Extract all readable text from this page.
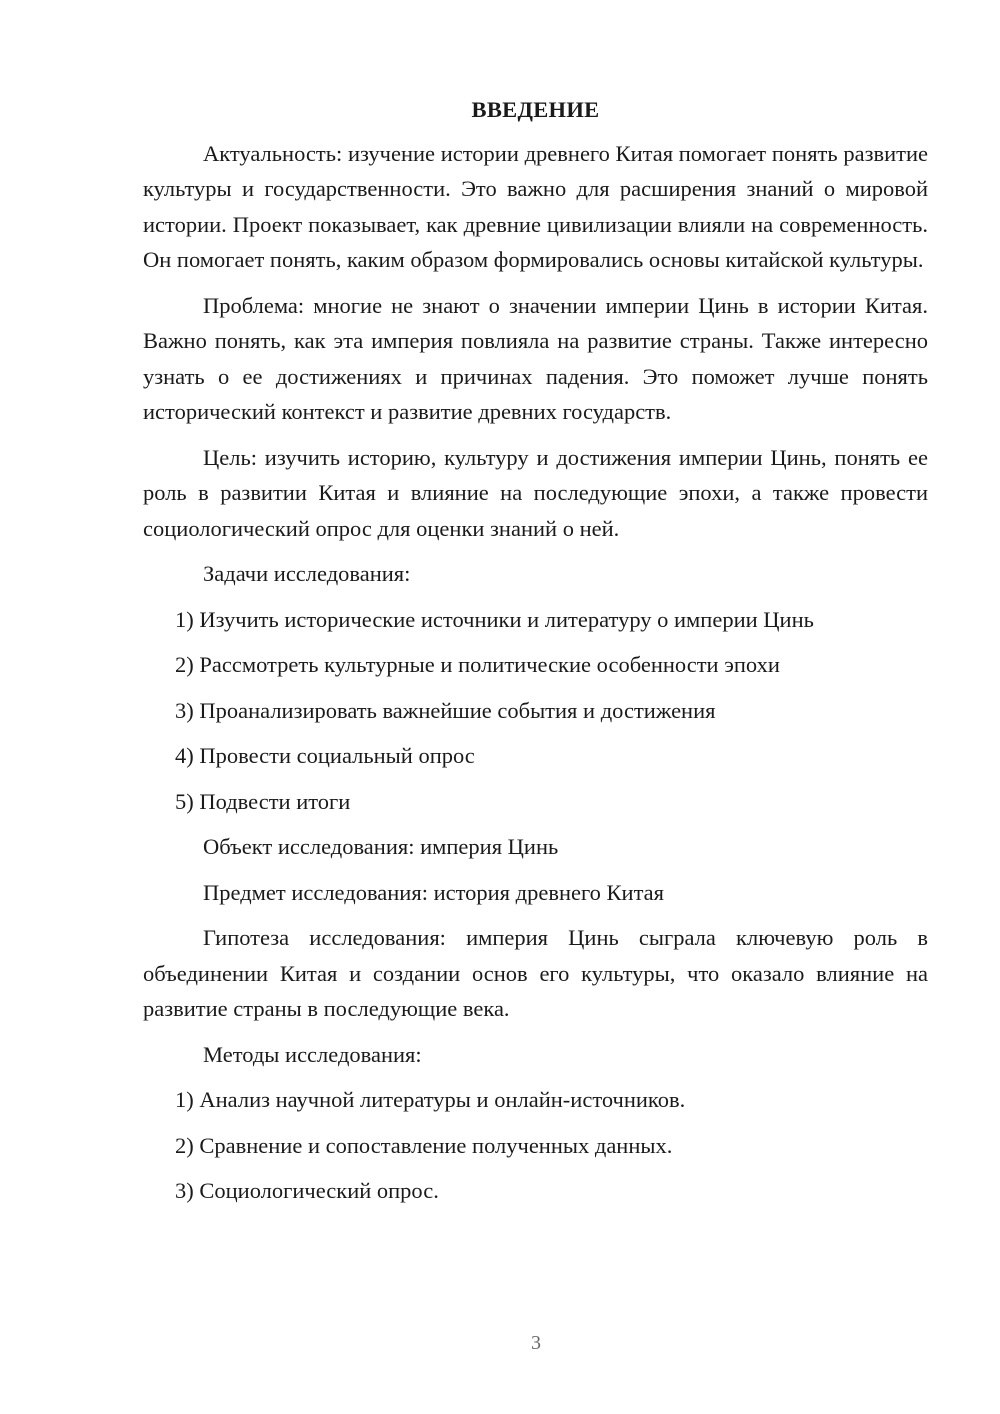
ВВЕДЕНИЕ

Актуальность: изучение истории древнего Китая помогает понять развитие культуры и государственности. Это важно для расширения знаний о мировой истории. Проект показывает, как древние цивилизации влияли на современность. Он помогает понять, каким образом формировались основы китайской культуры.

Проблема: многие не знают о значении империи Цинь в истории Китая. Важно понять, как эта империя повлияла на развитие страны. Также интересно узнать о ее достижениях и причинах падения. Это поможет лучше понять исторический контекст и развитие древних государств.

Цель: изучить историю, культуру и достижения империи Цинь, понять ее роль в развитии Китая и влияние на последующие эпохи, а также провести социологический опрос для оценки знаний о ней.

Задачи исследования:

1) Изучить исторические источники и литературу о империи Цинь

2) Рассмотреть культурные и политические особенности эпохи

3) Проанализировать важнейшие события и достижения

4) Провести социальный опрос

5) Подвести итоги

Объект исследования: империя Цинь

Предмет исследования: история древнего Китая

Гипотеза исследования: империя Цинь сыграла ключевую роль в объединении Китая и создании основ его культуры, что оказало влияние на развитие страны в последующие века.

Методы исследования:

1) Анализ научной литературы и онлайн-источников.

2) Сравнение и сопоставление полученных данных.

3) Социологический опрос.

3
